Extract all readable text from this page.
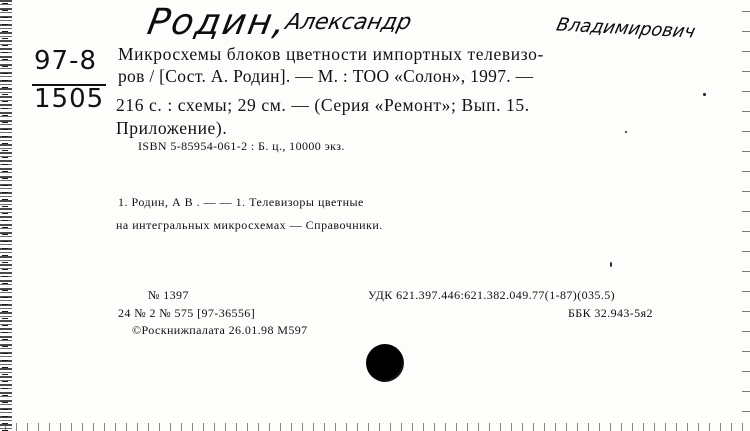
Родин,
Александр	Владимирович
97-8
1505
Микросхемы блоков цветности импортных телевизо-
ров / [Сост. А. Родин]. — М. : ТОО «Солон», 1997. —
216 с. : схемы; 29 см. — (Серия «Ремонт»; Вып. 15.
Приложение).
ISBN 5-85954-061-2 : Б. ц., 10000 экз.
1. Родин, А В . — — 1. Телевизоры цветные
на интегральных микросхемах — Справочники.
№ 1397	УДК 621.397.446:621.382.049.77(1-87)(035.5)
24 № 2 № 575 [97-36556]	ББК 32.943-5я2
©Роскнижпалата 26.01.98 М597
